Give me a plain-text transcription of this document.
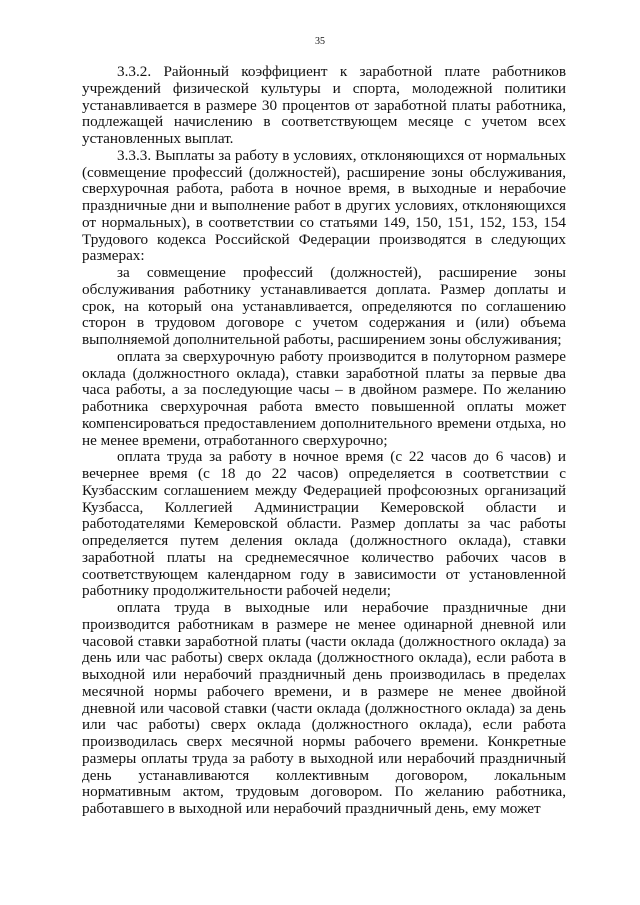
35

3.3.2. Районный коэффициент к заработной плате работников учреждений физической культуры и спорта, молодежной политики устанавливается в размере 30 процентов от заработной платы работника, подлежащей начислению в соответствующем месяце с учетом всех установленных выплат.

3.3.3. Выплаты за работу в условиях, отклоняющихся от нормальных (совмещение профессий (должностей), расширение зоны обслуживания, сверхурочная работа, работа в ночное время, в выходные и нерабочие праздничные дни и выполнение работ в других условиях, отклоняющихся от нормальных), в соответствии со статьями 149, 150, 151, 152, 153, 154 Трудового кодекса Российской Федерации производятся в следующих размерах:

за совмещение профессий (должностей), расширение зоны обслуживания работнику устанавливается доплата. Размер доплаты и срок, на который она устанавливается, определяются по соглашению сторон в трудовом договоре с учетом содержания и (или) объема выполняемой дополнительной работы, расширением зоны обслуживания;

оплата за сверхурочную работу производится в полуторном размере оклада (должностного оклада), ставки заработной платы за первые два часа работы, а за последующие часы – в двойном размере. По желанию работника сверхурочная работа вместо повышенной оплаты может компенсироваться предоставлением дополнительного времени отдыха, но не менее времени, отработанного сверхурочно;

оплата труда за работу в ночное время (с 22 часов до 6 часов) и вечернее время (с 18 до 22 часов) определяется в соответствии с Кузбасским соглашением между Федерацией профсоюзных организаций Кузбасса, Коллегией Администрации Кемеровской области и работодателями Кемеровской области. Размер доплаты за час работы определяется путем деления оклада (должностного оклада), ставки заработной платы на среднемесячное количество рабочих часов в соответствующем календарном году в зависимости от установленной работнику продолжительности рабочей недели;

оплата труда в выходные или нерабочие праздничные дни производится работникам в размере не менее одинарной дневной или часовой ставки заработной платы (части оклада (должностного оклада) за день или час работы) сверх оклада (должностного оклада), если работа в выходной или нерабочий праздничный день производилась в пределах месячной нормы рабочего времени, и в размере не менее двойной дневной или часовой ставки (части оклада (должностного оклада) за день или час работы) сверх оклада (должностного оклада), если работа производилась сверх месячной нормы рабочего времени. Конкретные размеры оплаты труда за работу в выходной или нерабочий праздничный день устанавливаются коллективным договором, локальным нормативным актом, трудовым договором. По желанию работника, работавшего в выходной или нерабочий праздничный день, ему может
